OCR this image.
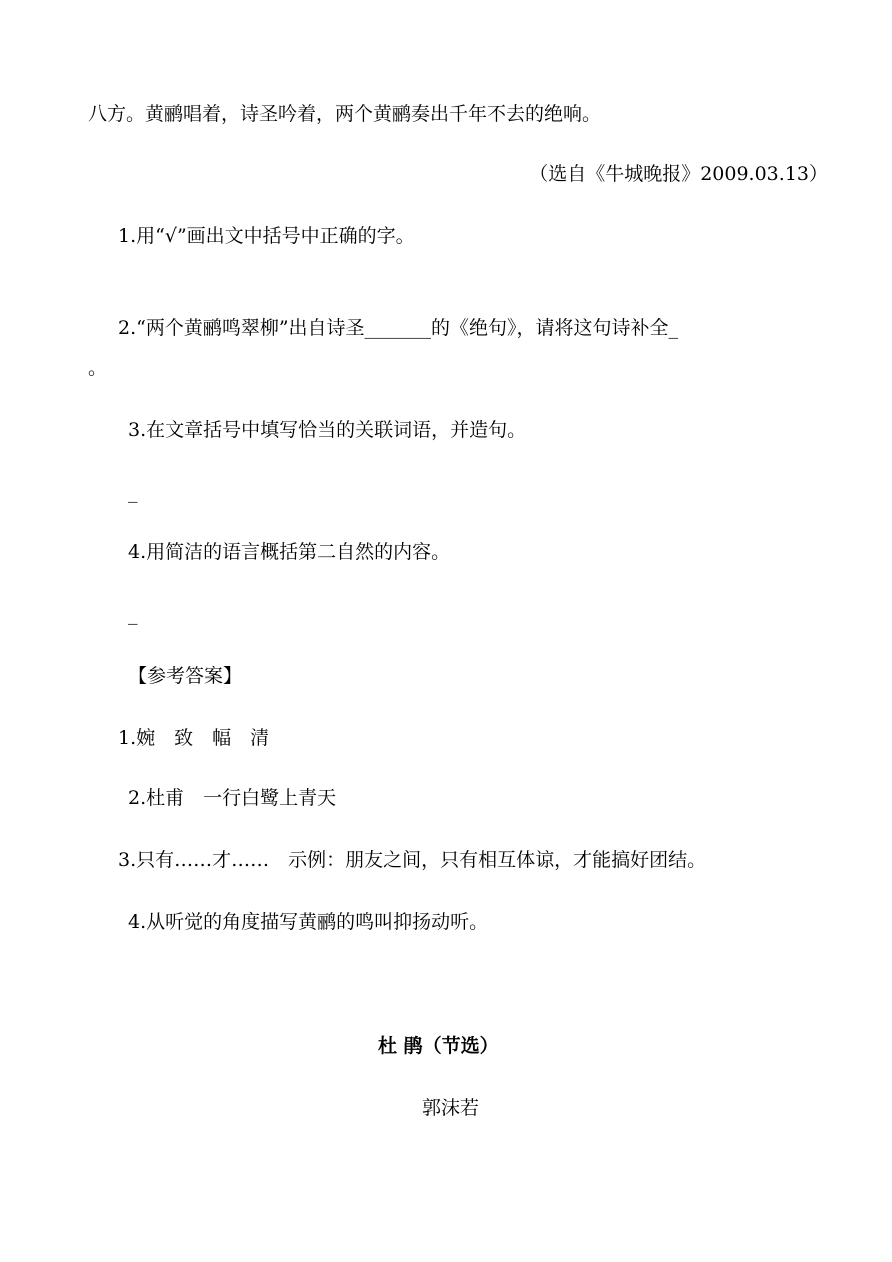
八方。黄鹂唱着，诗圣吟着，两个黄鹂奏出千年不去的绝响。
（选自《牛城晚报》2009.03.13）
1.用“√”画出文中括号中正确的字。
2.“两个黄鹂鸣翠柳”出自诗圣_______的《绝句》，请将这句诗补全_
。
3.在文章括号中填写恰当的关联词语，并造句。
_
4.用简洁的语言概括第二自然的内容。
_
【参考答案】
1.婉　致　幅　清
2.杜甫　一行白鹭上青天
3.只有……才……　示例：朋友之间，只有相互体谅，才能搞好团结。
4.从听觉的角度描写黄鹂的鸣叫抑扬动听。
杜 鹃（节选）
郭沫若
